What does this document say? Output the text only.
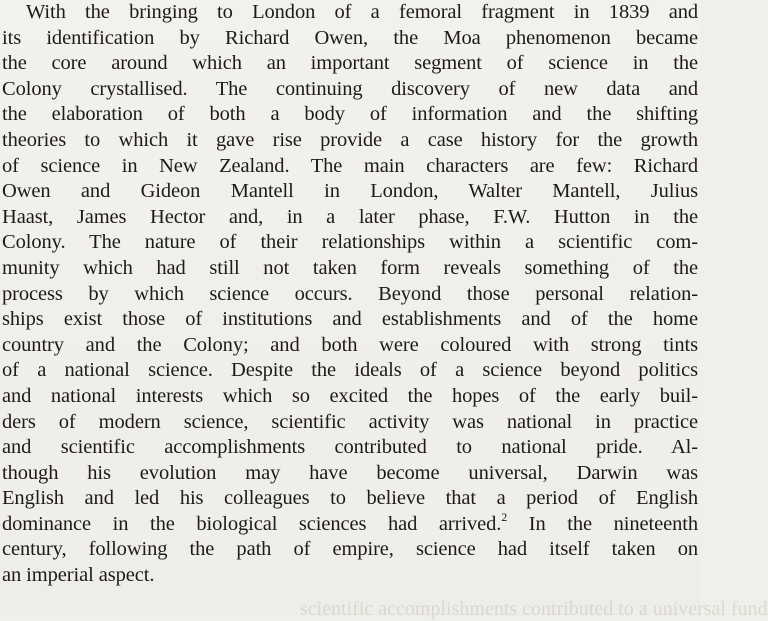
With the bringing to London of a femoral fragment in 1839 and
its identification by Richard Owen, the Moa phenomenon became
the core around which an important segment of science in the
Colony crystallised. The continuing discovery of new data and
the elaboration of both a body of information and the shifting
theories to which it gave rise provide a case history for the growth
of science in New Zealand. The main characters are few: Richard
Owen and Gideon Mantell in London, Walter Mantell, Julius
Haast, James Hector and, in a later phase, F.W. Hutton in the
Colony. The nature of their relationships within a scientific com-
munity which had still not taken form reveals something of the
process by which science occurs. Beyond those personal relation-
ships exist those of institutions and establishments and of the home
country and the Colony; and both were coloured with strong tints
of a national science. Despite the ideals of a science beyond politics
and national interests which so excited the hopes of the early buil-
ders of modern science, scientific activity was national in practice
and scientific accomplishments contributed to national pride. Al-
though his evolution may have become universal, Darwin was
English and led his colleagues to believe that a period of English
dominance in the biological sciences had arrived.$^2$ In the nineteenth
century, following the path of empire, science had itself taken on
an imperial aspect.
scientific accomplishments contributed to a universal fund
